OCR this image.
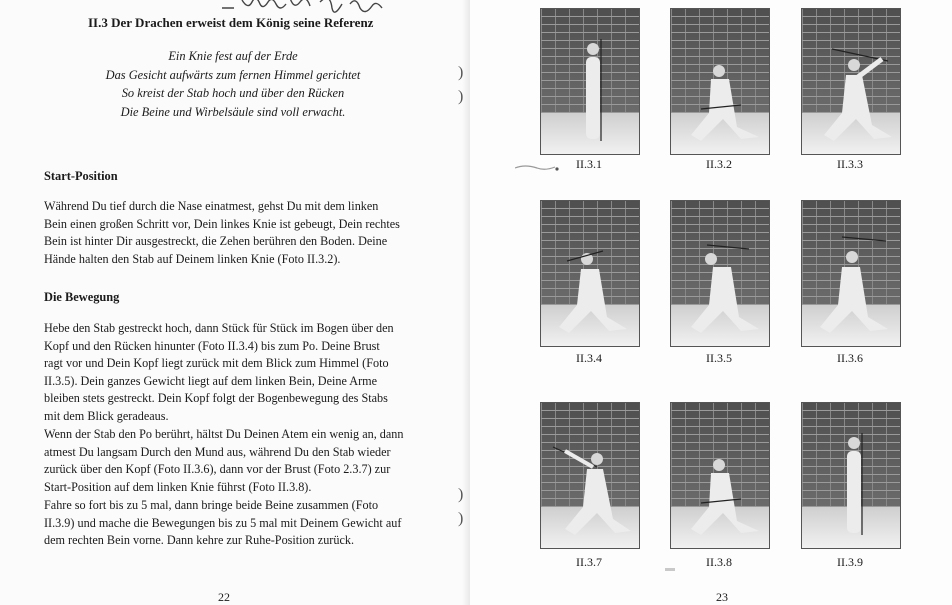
II.3 Der Drachen erweist dem König seine Referenz
Ein Knie fest auf der Erde
Das Gesicht aufwärts zum fernen Himmel gerichtet
So kreist der Stab hoch und über den Rücken
Die Beine und Wirbelsäule sind voll erwacht.
Start-Position
Während Du tief durch die Nase einatmest, gehst Du mit dem linken
Bein einen großen Schritt vor, Dein linkes Knie ist gebeugt, Dein rechtes
Bein ist hinter Dir ausgestreckt, die Zehen berühren den Boden. Deine
Hände halten den Stab auf Deinem linken Knie (Foto II.3.2).
Die Bewegung
Hebe den Stab gestreckt hoch, dann Stück für Stück im Bogen über den
Kopf und den Rücken hinunter (Foto II.3.4) bis zum Po. Deine Brust
ragt vor und Dein Kopf liegt zurück mit dem Blick zum Himmel (Foto
II.3.5). Dein ganzes Gewicht liegt auf dem linken Bein, Deine Arme
bleiben stets gestreckt. Dein Kopf folgt der Bogenbewegung des Stabs
mit dem Blick geradeaus.
Wenn der Stab den Po berührt, hältst Du Deinen Atem ein wenig an, dann
atmest Du langsam Durch den Mund aus, während Du den Stab wieder
zurück über den Kopf (Foto II.3.6), dann vor der Brust (Foto 2.3.7) zur
Start-Position auf dem linken Knie führst (Foto II.3.8).
Fahre so fort bis zu 5 mal, dann bringe beide Beine zusammen (Foto
II.3.9) und mache die Bewegungen bis zu 5 mal mit Deinem Gewicht auf
dem rechten Bein vorne. Dann kehre zur Ruhe-Position zurück.
22
)
)
)
)
II.3.1	II.3.2	II.3.3
II.3.4	II.3.5	II.3.6
II.3.7	II.3.8	II.3.9
23
